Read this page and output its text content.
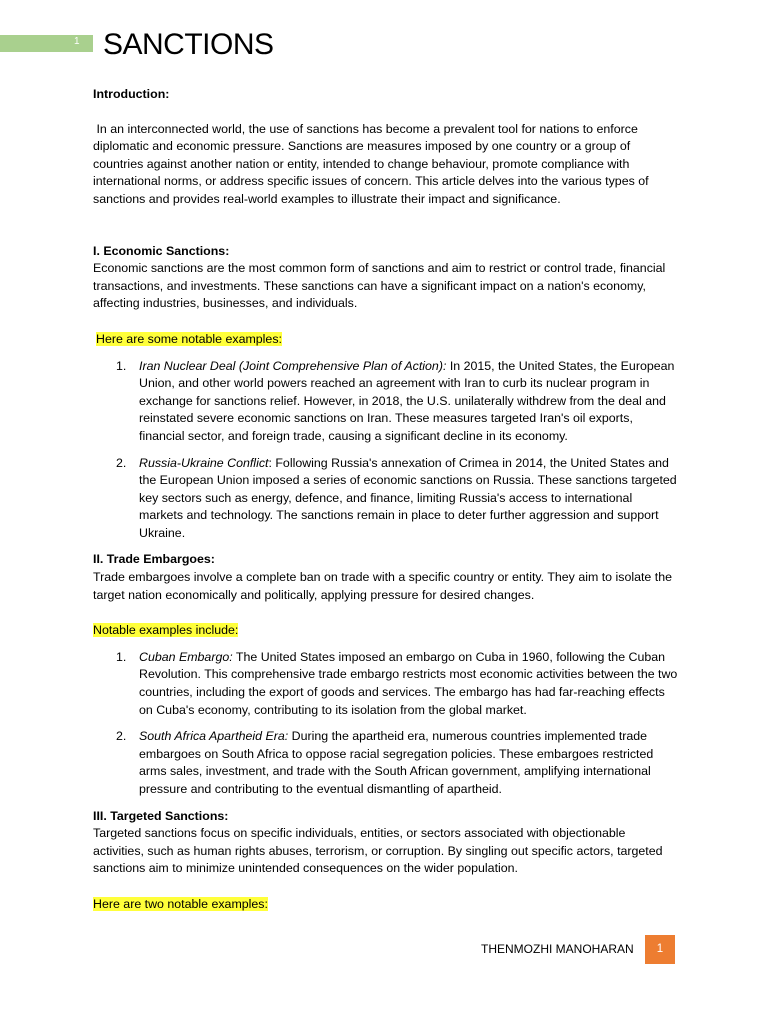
1 SANCTIONS

Introduction:

In an interconnected world, the use of sanctions has become a prevalent tool for nations to enforce diplomatic and economic pressure. Sanctions are measures imposed by one country or a group of countries against another nation or entity, intended to change behaviour, promote compliance with international norms, or address specific issues of concern. This article delves into the various types of sanctions and provides real-world examples to illustrate their impact and significance.

I. Economic Sanctions:

Economic sanctions are the most common form of sanctions and aim to restrict or control trade, financial transactions, and investments. These sanctions can have a significant impact on a nation's economy, affecting industries, businesses, and individuals.

Here are some notable examples:

1. Iran Nuclear Deal (Joint Comprehensive Plan of Action): In 2015, the United States, the European Union, and other world powers reached an agreement with Iran to curb its nuclear program in exchange for sanctions relief. However, in 2018, the U.S. unilaterally withdrew from the deal and reinstated severe economic sanctions on Iran. These measures targeted Iran's oil exports, financial sector, and foreign trade, causing a significant decline in its economy.
2. Russia-Ukraine Conflict: Following Russia's annexation of Crimea in 2014, the United States and the European Union imposed a series of economic sanctions on Russia. These sanctions targeted key sectors such as energy, defence, and finance, limiting Russia's access to international markets and technology. The sanctions remain in place to deter further aggression and support Ukraine.

II. Trade Embargoes:

Trade embargoes involve a complete ban on trade with a specific country or entity. They aim to isolate the target nation economically and politically, applying pressure for desired changes.

Notable examples include:

1. Cuban Embargo: The United States imposed an embargo on Cuba in 1960, following the Cuban Revolution. This comprehensive trade embargo restricts most economic activities between the two countries, including the export of goods and services. The embargo has had far-reaching effects on Cuba's economy, contributing to its isolation from the global market.
2. South Africa Apartheid Era: During the apartheid era, numerous countries implemented trade embargoes on South Africa to oppose racial segregation policies. These embargoes restricted arms sales, investment, and trade with the South African government, amplifying international pressure and contributing to the eventual dismantling of apartheid.

III. Targeted Sanctions:

Targeted sanctions focus on specific individuals, entities, or sectors associated with objectionable activities, such as human rights abuses, terrorism, or corruption. By singling out specific actors, targeted sanctions aim to minimize unintended consequences on the wider population.

Here are two notable examples:

THENMOZHI MANOHARAN	1
